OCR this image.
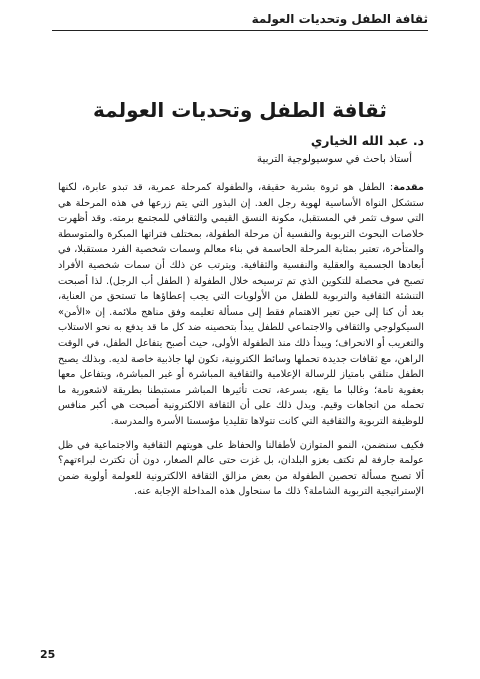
ثقافة الطفل وتحديات العولمة
ثقافة الطفل وتحديات العولمة
د. عبد الله الخياري
أستاذ باحث في سوسيولوجية التربية

مقدمة: الطفل هو ثروة بشرية حقيقة، والطفولة كمرحلة عمرية، قد تبدو عابرة، لكنها ستشكل النواة الأساسية لهوية رجل الغد. إن البذور التي يتم زرعها في هذه المرحلة هي التي سوف تثمر في المستقبل، مكونة النسق القيمي والثقافي للمجتمع برمته. وقد أظهرت خلاصات البحوث التربوية والنفسية أن مرحلة الطفولة، بمختلف فتراتها المبكرة والمتوسطة والمتأخرة، تعتبر بمثابة المرحلة الحاسمة في بناء معالم وسمات شخصية الفرد مستقبلا، في أبعادها الجسمية والعقلية والنفسية والثقافية. ويترتب عن ذلك أن سمات شخصية الأفراد تصبح في محصلة للتكوين الذي تم ترسيخه خلال الطفولة ( الطفل أب الرجل). لذا أصبحت التنشئة الثقافية والتربوية للطفل من الأولويات التي يجب إعطاؤها ما تستحق من العناية، بعد أن كنا إلى حين تعير الاهتمام فقط إلى مسألة تعليمه وفق مناهج ملائمة. إن «الأمن» السيكولوجي والثقافي والاجتماعي للطفل يبدأ بتحصينه ضد كل ما قد يدفع به نحو الاستلاب والتغريب أو الانحراف؛ ويبدأ ذلك منذ الطفولة الأولى، حيث أصبح يتفاعل الطفل، في الوقت الراهن، مع ثقافات جديدة تحملها وسائط الكترونية، تكون لها جاذبية خاصة لديه. وبذلك يصبح الطفل متلقي بامتياز للرسالة الإعلامية والثقافية المباشرة أو غير المباشرة، ويتفاعل معها بعفوية تامة؛ وغالبا ما يقع، بسرعة، تحت تأثيرها المباشر مستبطنا بطريقة لاشعورية ما تحمله من اتجاهات وقيم. ويدل ذلك على أن الثقافة الالكترونية أصبحت هي أكبر منافس للوظيفة التربوية والثقافية التي كانت تتولاها تقليديا مؤسستا الأسرة والمدرسة.

فكيف سنضمن، النمو المتوازن لأطفالنا والحفاظ على هويتهم الثقافية والاجتماعية في ظل عولمة جارفة لم تكتف بغزو البلدان، بل غزت حتى عالم الصغار، دون أن تكترث لبراءتهم؟ ألا تصبح مسألة تحصين الطفولة من بعض مزالق الثقافة الالكترونية للعولمة أولوية ضمن الإستراتيجية التربوية الشاملة؟ ذلك ما سنحاول هذه المداخلة الإجابة عنه.

25
